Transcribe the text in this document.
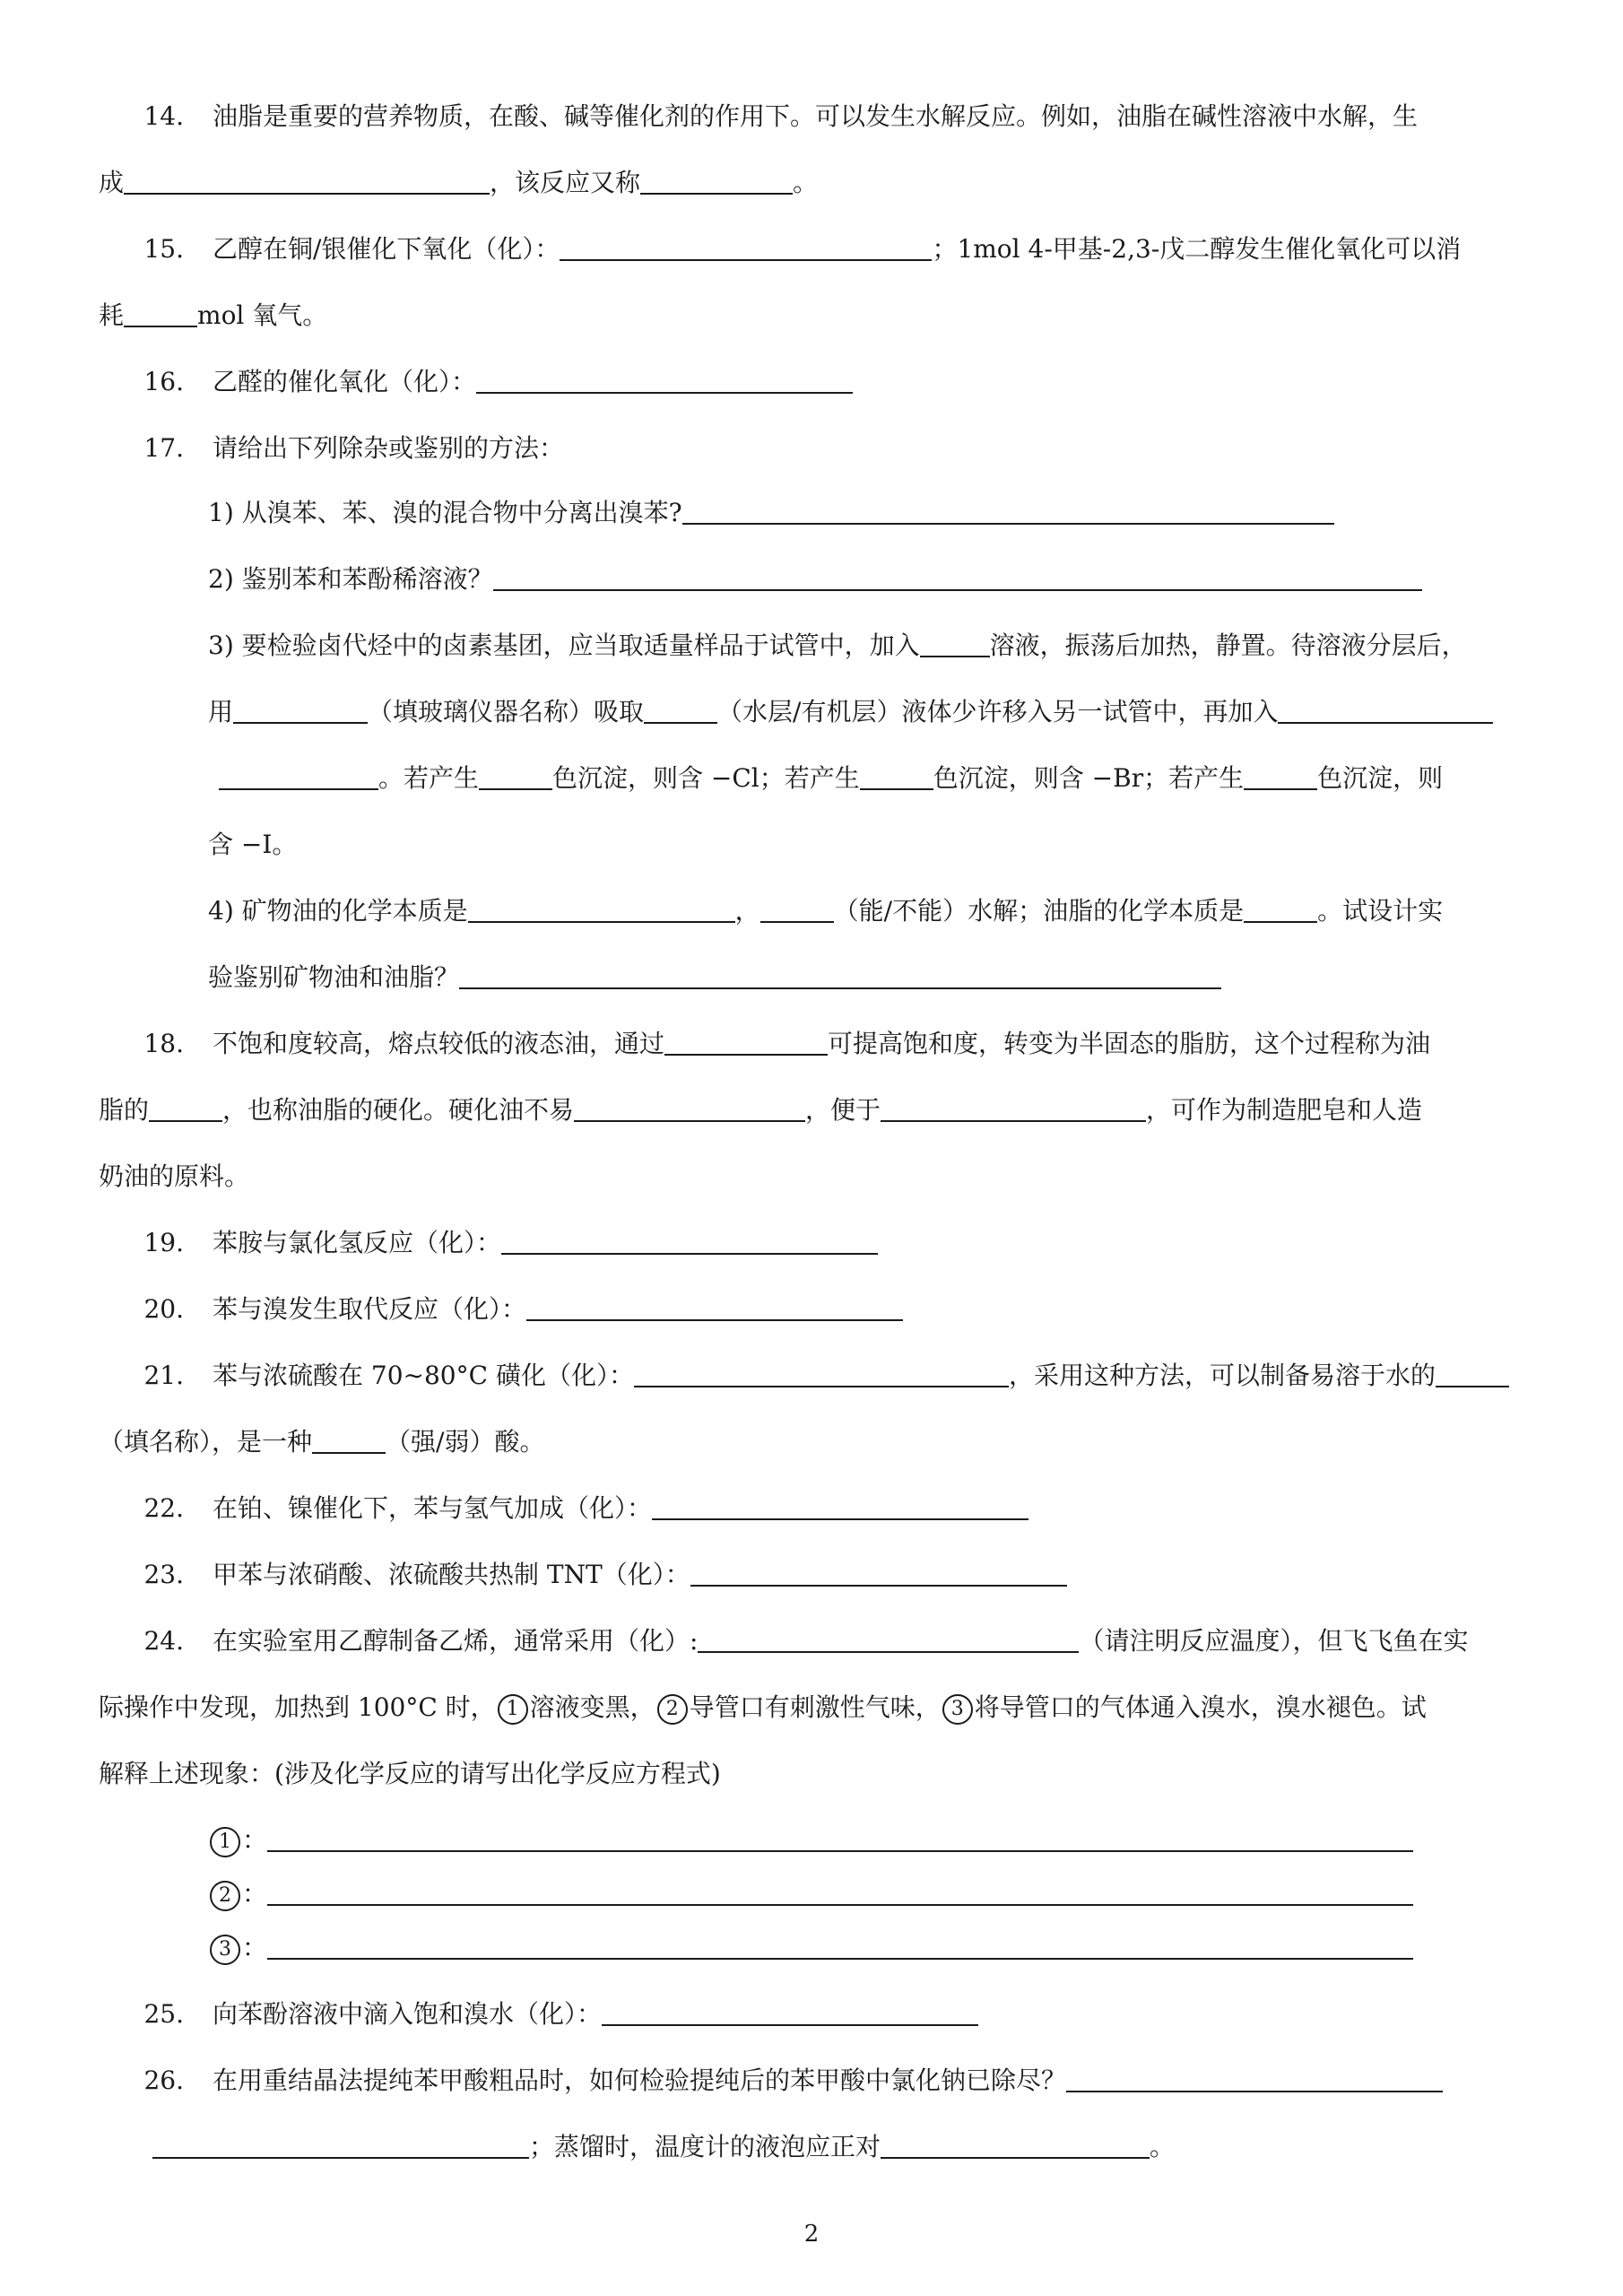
14. 油脂是重要的营养物质，在酸、碱等催化剂的作用下。可以发生水解反应。例如，油脂在碱性溶液中水解，生
成	，该反应又称	。
15. 乙醇在铜/银催化下氧化（化）：	；1mol 4-甲基-2,3-戊二醇发生催化氧化可以消
耗	mol 氧气。
16. 乙醛的催化氧化（化）：
17. 请给出下列除杂或鉴别的方法：
1) 从溴苯、苯、溴的混合物中分离出溴苯?
2) 鉴别苯和苯酚稀溶液？
3) 要检验卤代烃中的卤素基团，应当取适量样品于试管中，加入	溶液，振荡后加热，静置。待溶液分层后，
用	（填玻璃仪器名称）吸取	（水层/有机层）液体少许移入另一试管中，再加入
。若产生	色沉淀，则含 −Cl；若产生	色沉淀，则含 −Br；若产生	色沉淀，则
含 −I。
4) 矿物油的化学本质是	，	（能/不能）水解；油脂的化学本质是	。试设计实
验鉴别矿物油和油脂？
18. 不饱和度较高，熔点较低的液态油，通过	可提高饱和度，转变为半固态的脂肪，这个过程称为油
脂的	，也称油脂的硬化。硬化油不易	，便于	，可作为制造肥皂和人造
奶油的原料。
19. 苯胺与氯化氢反应（化）：
20. 苯与溴发生取代反应（化）：
21. 苯与浓硫酸在 70∼80°C 磺化（化）：	，采用这种方法，可以制备易溶于水的
（填名称），是一种	（强/弱）酸。
22. 在铂、镍催化下，苯与氢气加成（化）：
23. 甲苯与浓硝酸、浓硫酸共热制 TNT（化）：
24. 在实验室用乙醇制备乙烯，通常采用（化）:	（请注明反应温度），但飞飞鱼在实
际操作中发现，加热到 100°C 时， 1 溶液变黑， 2 导管口有刺激性气味， 3 将导管口的气体通入溴水，溴水褪色。试
解释上述现象：(涉及化学反应的请写出化学反应方程式)
1 ：
2 ：
3 ：
25. 向苯酚溶液中滴入饱和溴水（化）：
26. 在用重结晶法提纯苯甲酸粗品时，如何检验提纯后的苯甲酸中氯化钠已除尽？
；蒸馏时，温度计的液泡应正对	。
2
